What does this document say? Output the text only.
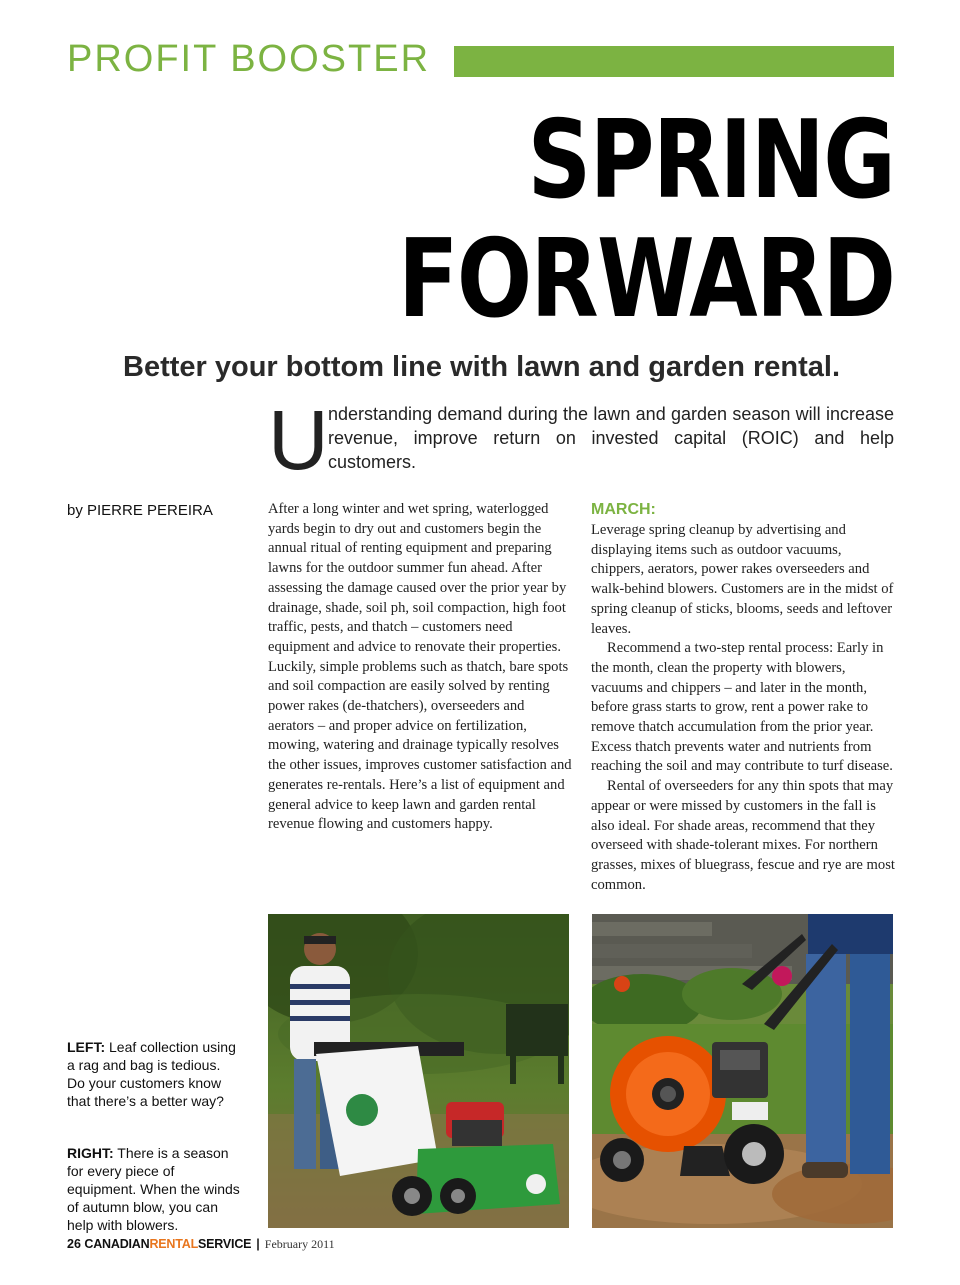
PROFIT BOOSTER
SPRING
FORWARD
Better your bottom line with lawn and garden rental.
U nderstanding demand during the lawn and garden season will increase revenue, improve return on invested capital (ROIC) and help customers.
by PIERRE PEREIRA	After a long winter and wet spring, waterlogged yards begin to dry out and customers begin the annual ritual of renting equipment and preparing lawns for the outdoor summer fun ahead. After assessing the damage caused over the prior year by drainage, shade, soil ph, soil compaction, high foot traffic, pests, and thatch – customers need equipment and advice to renovate their properties. Luckily, simple problems such as thatch, bare spots and soil compaction are easily solved by renting power rakes (de-thatchers), overseeders and aerators – and proper advice on fertilization, mowing, watering and drainage typically resolves the other issues, improves customer satisfaction and generates re-rentals. Here’s a list of equipment and general advice to keep lawn and garden rental revenue flowing and customers happy.
MARCH:

Leverage spring cleanup by advertising and displaying items such as outdoor vacuums, chippers, aerators, power rakes overseeders and walk-behind blowers. Customers are in the midst of spring cleanup of sticks, blooms, seeds and leftover leaves.

Recommend a two-step rental process: Early in the month, clean the property with blowers, vacuums and chippers – and later in the month, before grass starts to grow, rent a power rake to remove thatch accumulation from the prior year. Excess thatch prevents water and nutrients from reaching the soil and may contribute to turf disease.

Rental of overseeders for any thin spots that may appear or were missed by customers in the fall is also ideal. For shade areas, recommend that they overseed with shade-tolerant mixes. For northern grasses, mixes of bluegrass, fescue and rye are most common.

LEFT: Leaf collection using a rag and bag is tedious. Do your customers know that there’s a better way?
RIGHT: There is a season for every piece of equipment. When the winds of autumn blow, you can help with blowers.
26 CANADIANRENTALSERVICE | February 2011
